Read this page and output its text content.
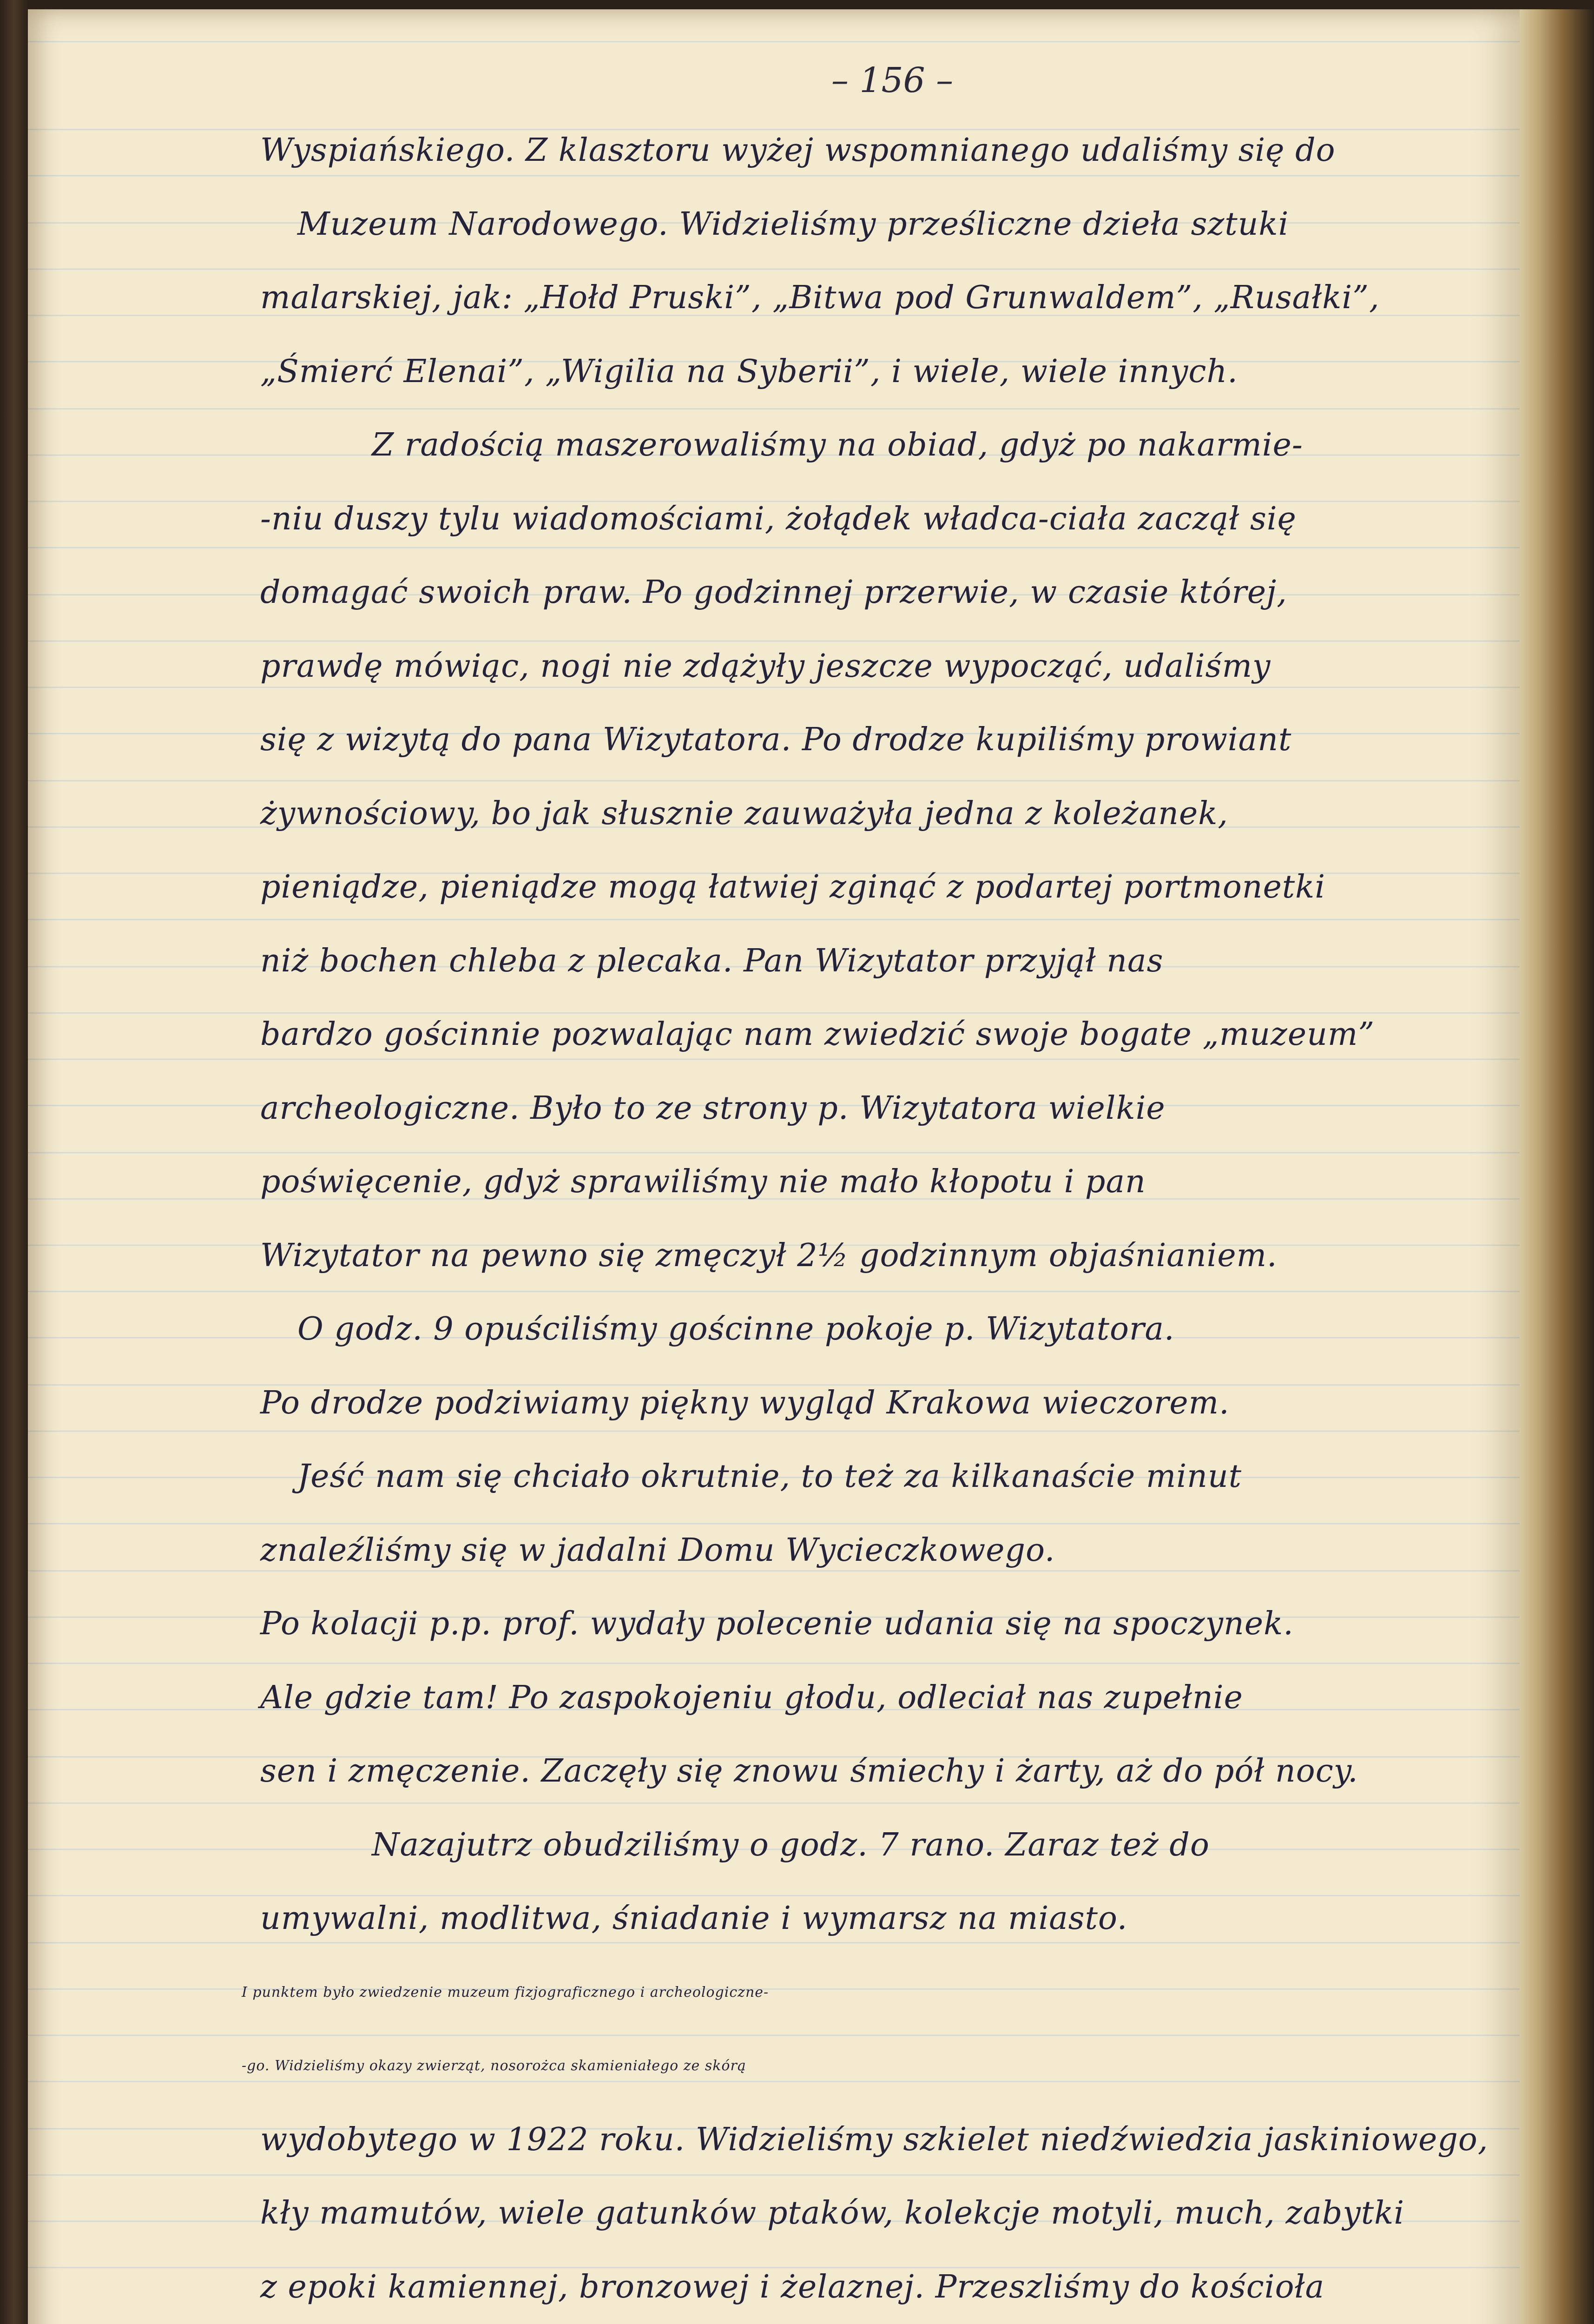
– 156 –
Wyspiańskiego. Z klasztoru wyżej wspomnianego udaliśmy się do
Muzeum Narodowego. Widzieliśmy prześliczne dzieła sztuki
malarskiej, jak: „Hołd Pruski”, „Bitwa pod Grunwaldem”, „Rusałki”,
„Śmierć Elenai”, „Wigilia na Syberii”, i wiele, wiele innych.
Z radością maszerowaliśmy na obiad, gdyż po nakarmie-
-niu duszy tylu wiadomościami, żołądek władca-ciała zaczął się
domagać swoich praw. Po godzinnej przerwie, w czasie której,
prawdę mówiąc, nogi nie zdążyły jeszcze wypocząć, udaliśmy
się z wizytą do pana Wizytatora. Po drodze kupiliśmy prowiant
żywnościowy, bo jak słusznie zauważyła jedna z koleżanek,
pieniądze, pieniądze mogą łatwiej zginąć z podartej portmonetki
niż bochen chleba z plecaka. Pan Wizytator przyjął nas
bardzo gościnnie pozwalając nam zwiedzić swoje bogate „muzeum”
archeologiczne. Było to ze strony p. Wizytatora wielkie
poświęcenie, gdyż sprawiliśmy nie mało kłopotu i pan
Wizytator na pewno się zmęczył 2½ godzinnym objaśnianiem.
O godz. 9 opuściliśmy gościnne pokoje p. Wizytatora.
Po drodze podziwiamy piękny wygląd Krakowa wieczorem.
Jeść nam się chciało okrutnie, to też za kilkanaście minut
znaleźliśmy się w jadalni Domu Wycieczkowego.
Po kolacji p.p. prof. wydały polecenie udania się na spoczynek.
Ale gdzie tam! Po zaspokojeniu głodu, odleciał nas zupełnie
sen i zmęczenie. Zaczęły się znowu śmiechy i żarty, aż do pół nocy.
Nazajutrz obudziliśmy o godz. 7 rano. Zaraz też do
umywalni, modlitwa, śniadanie i wymarsz na miasto.
I punktem było zwiedzenie muzeum fizjograficznego i archeologiczne-
-go. Widzieliśmy okazy zwierząt, nosorożca skamieniałego ze skórą
wydobytego w 1922 roku. Widzieliśmy szkielet niedźwiedzia jaskiniowego,
kły mamutów, wiele gatunków ptaków, kolekcje motyli, much, zabytki
z epoki kamiennej, bronzowej i żelaznej. Przeszliśmy do kościoła
